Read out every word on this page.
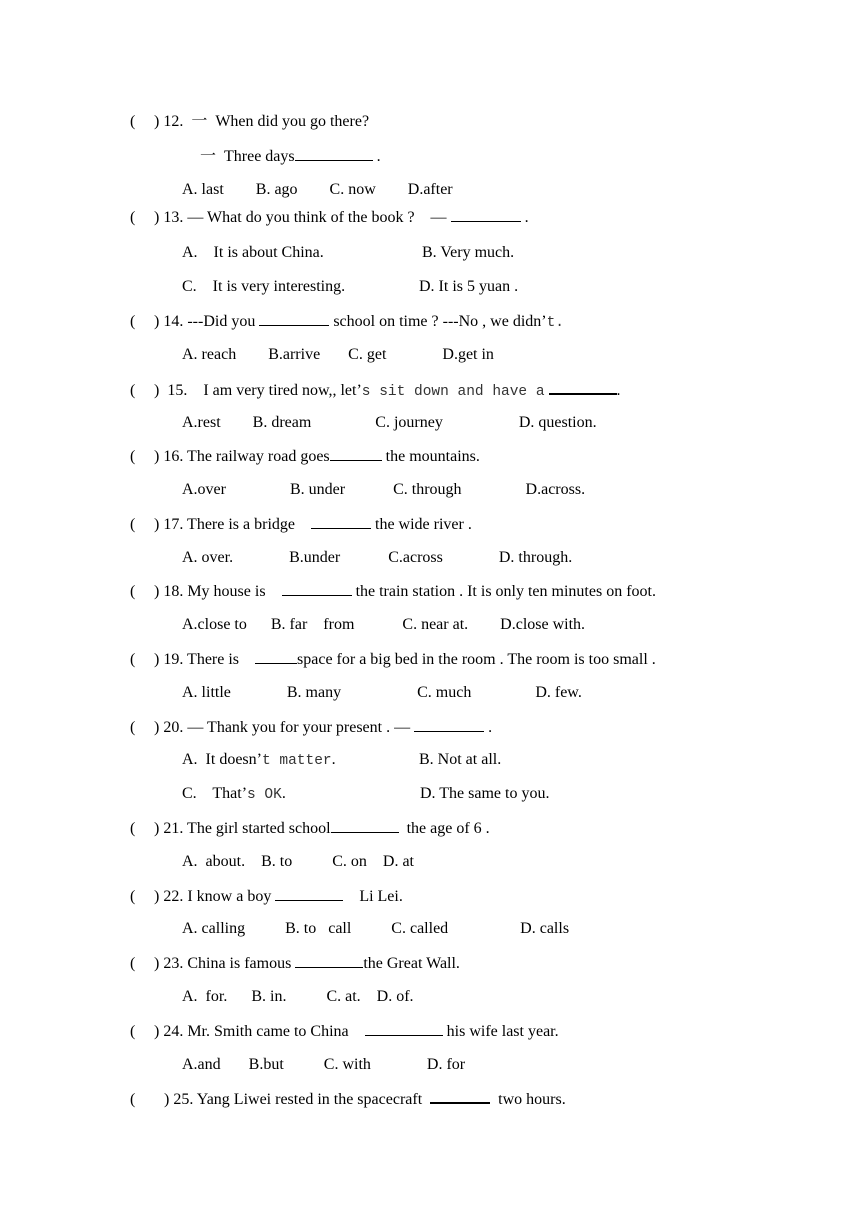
( ) 12.  一  When did you go there?
一  Three days	.
A. last        B. ago        C. now        D.after
( ) 13. — What do you think of the book ?    —	.
A.    It is about China.	B. Very much.
C.    It is very interesting.	D. It is 5 yuan .
( ) 14. ---Did you	school on time ? ---No , we didn’t.
A. reach        B.arrive       C. get              D.get in
( )  15.    I am very tired now,, let’s sit down and have a	.
A.rest        B. dream                C. journey                   D. question.
( ) 16. The railway road goes	the mountains.
A.over                B. under            C. through                D.across.
( ) 17. There is a bridge	the wide river .
A. over.              B.under            C.across              D. through.
( ) 18. My house is	the train station . It is only ten minutes on foot.
A.close to      B. far    from            C. near at.        D.close with.
( ) 19. There is	space for a big bed in the room . The room is too small .
A. little              B. many                   C. much                D. few.
( ) 20. — Thank you for your present . —	.
A.  It doesn’t matter.	B. Not at all.
C.    That’s OK.	D. The same to you.
( ) 21. The girl started school	the age of 6 .
A.  about.    B. to          C. on    D. at
( ) 22. I know a boy	Li Lei.
A. calling          B. to   call          C. called                  D. calls
( ) 23. China is famous	the Great Wall.
A.  for.      B. in.          C. at.    D. of.
( ) 24. Mr. Smith came to China	his wife last year.
A.and       B.but          C. with              D. for
( ) 25. Yang Liwei rested in the spacecraft	two hours.
